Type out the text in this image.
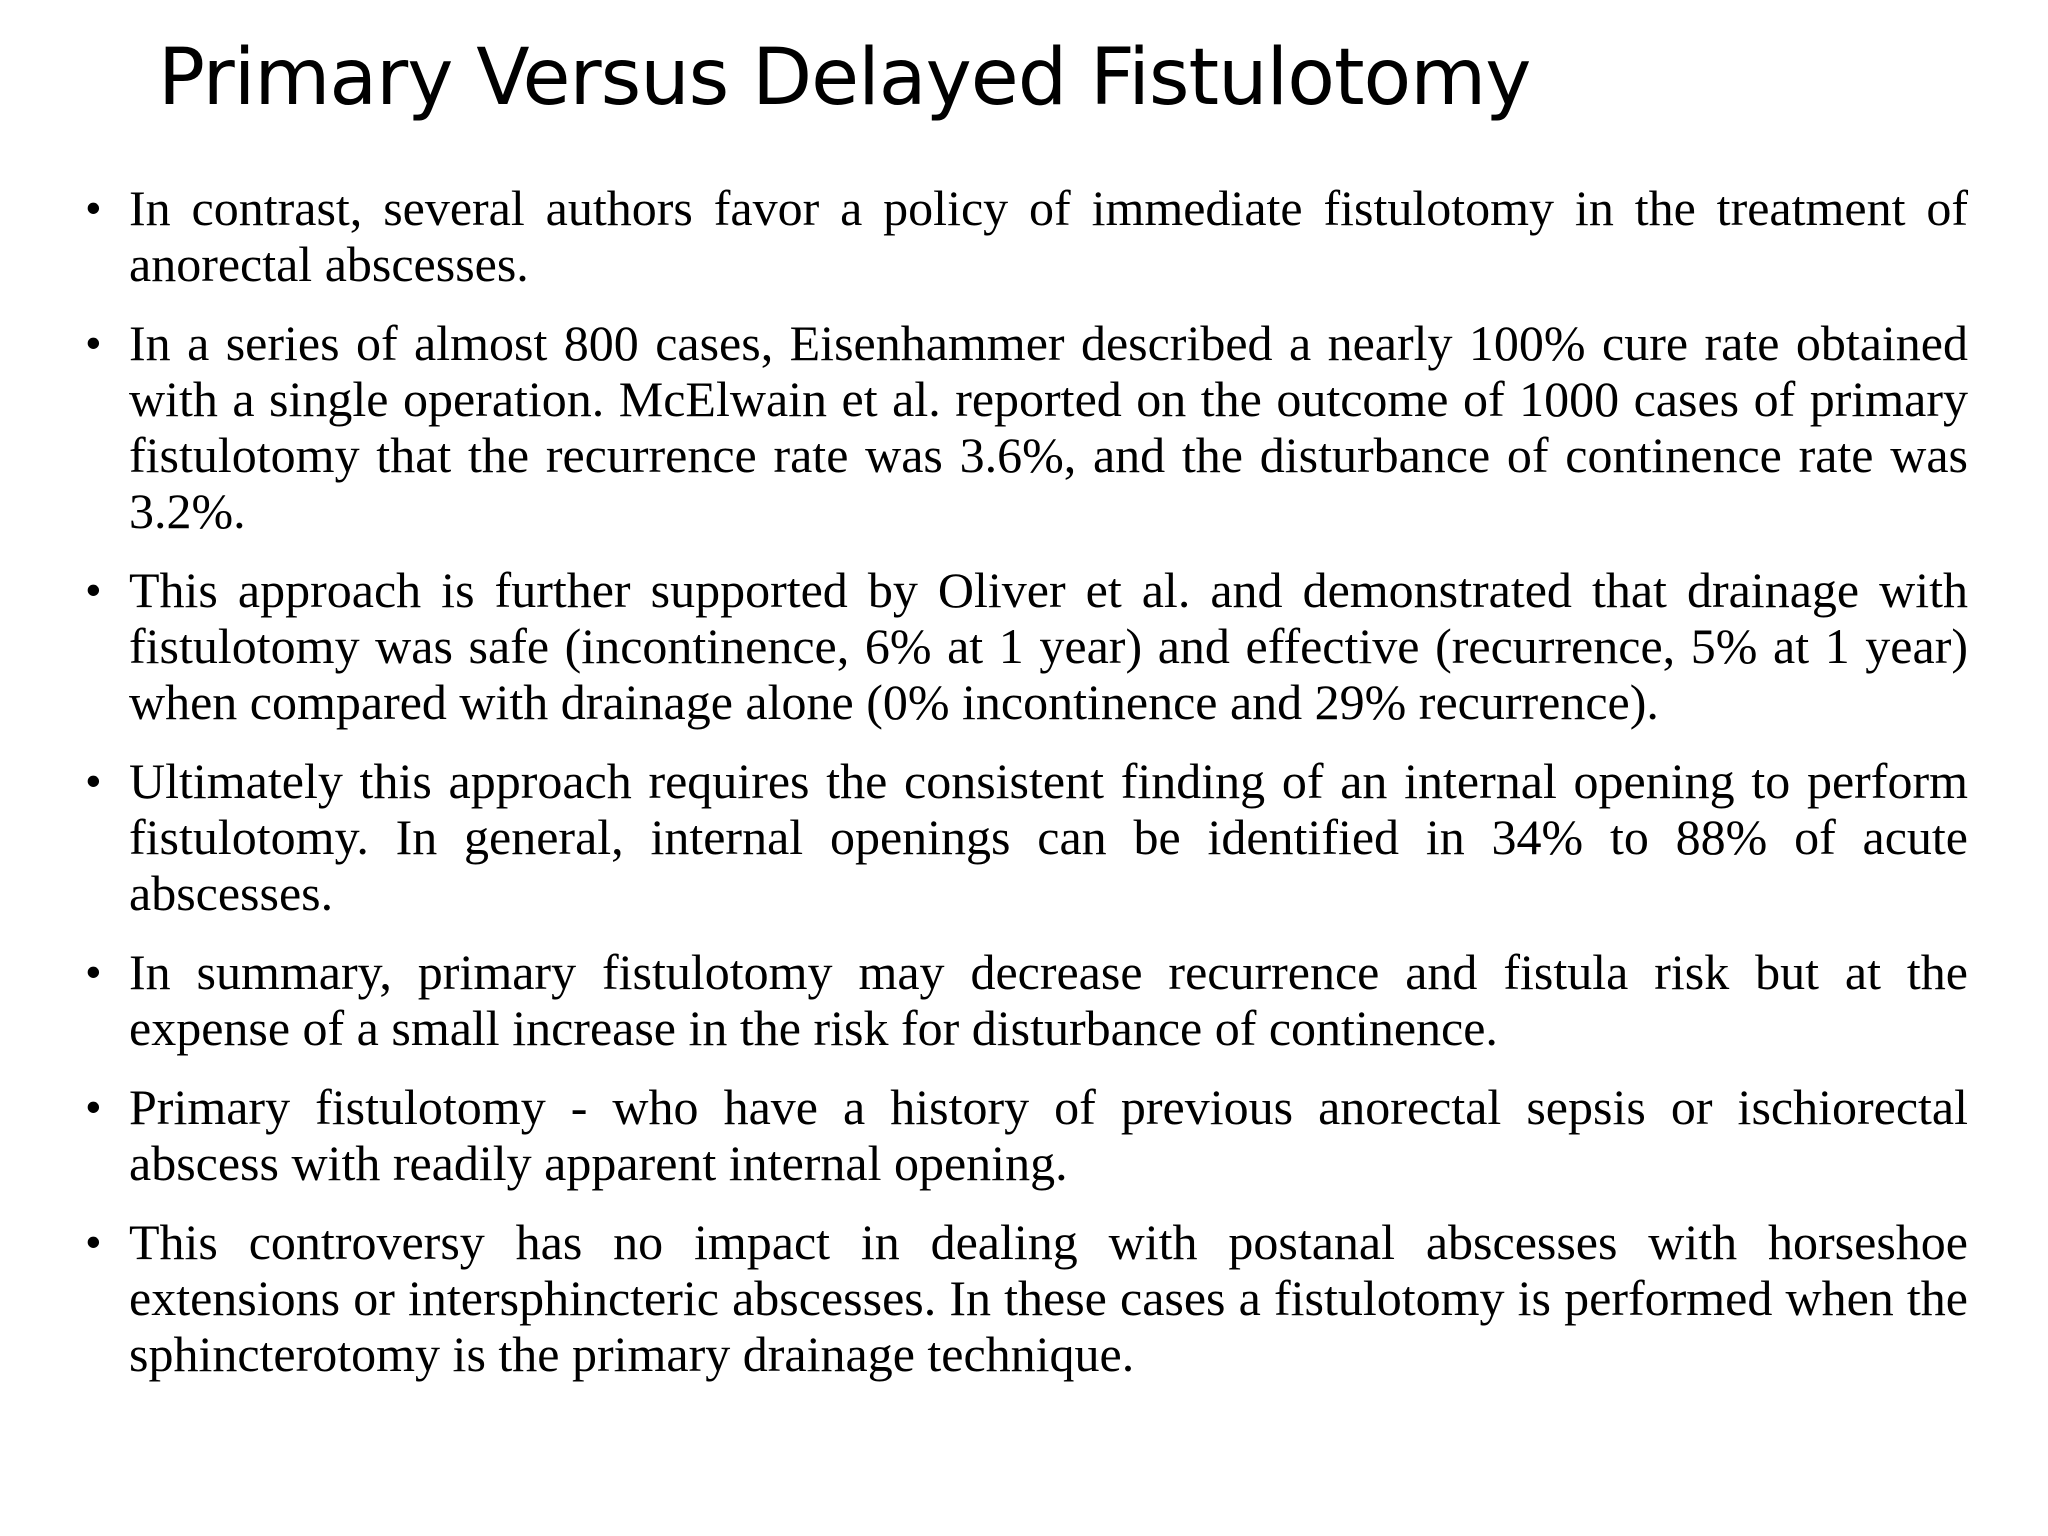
Primary Versus Delayed Fistulotomy
• In contrast, several authors favor a policy of immediate fistulotomy in the treatment of anorectal abscesses.
• In a series of almost 800 cases, Eisenhammer described a nearly 100% cure rate obtained with a single operation. McElwain et al. reported on the outcome of 1000 cases of primary fistulotomy that the recurrence rate was 3.6%, and the disturbance of continence rate was 3.2%.
• This approach is further supported by Oliver et al. and demonstrated that drainage with fistulotomy was safe (incontinence, 6% at 1 year) and effective (recurrence, 5% at 1 year) when compared with drainage alone (0% incontinence and 29% recurrence).
• Ultimately this approach requires the consistent finding of an internal opening to perform fistulotomy. In general, internal openings can be identified in 34% to 88% of acute abscesses.
• In summary, primary fistulotomy may decrease recurrence and fistula risk but at the expense of a small increase in the risk for disturbance of continence.
• Primary fistulotomy - who have a history of previous anorectal sepsis or ischiorectal abscess with readily apparent internal opening.
• This controversy has no impact in dealing with postanal abscesses with horseshoe extensions or intersphincteric abscesses. In these cases a fistulotomy is performed when the sphincterotomy is the primary drainage technique.
